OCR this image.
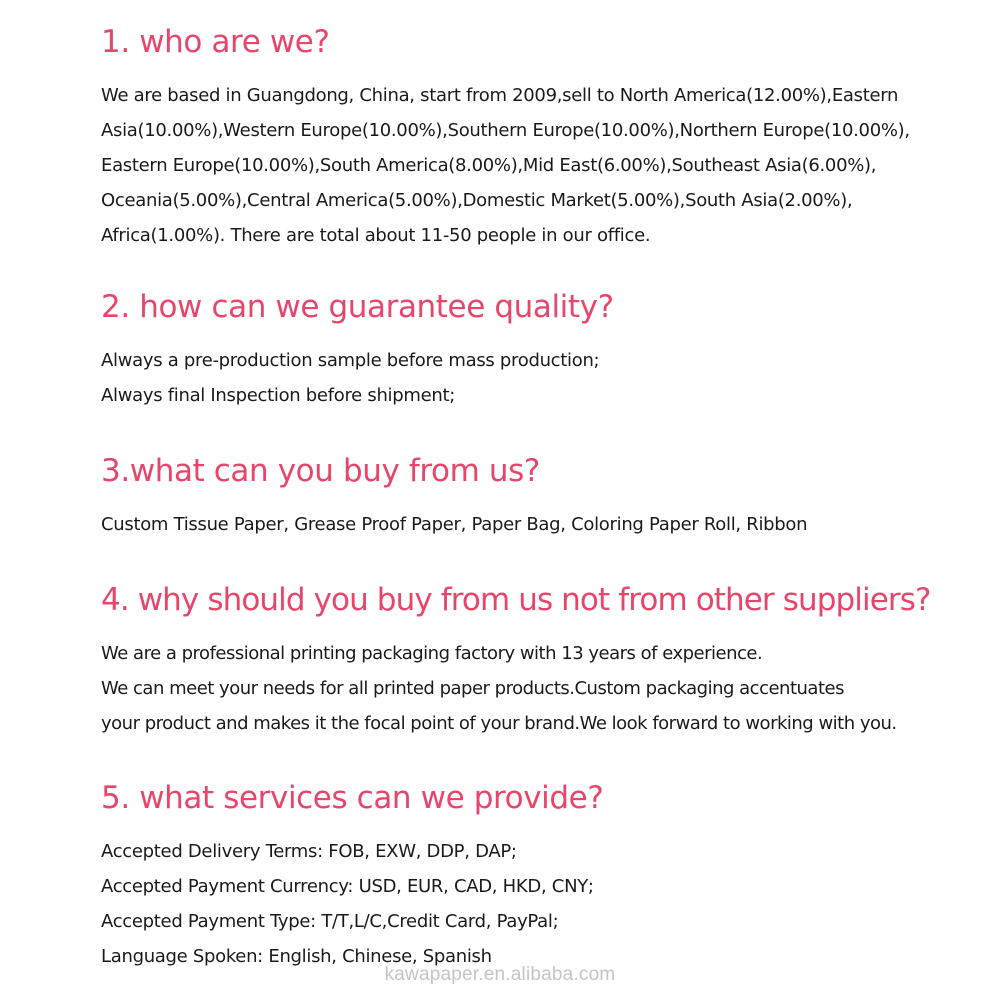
1. who are we?
We are based in Guangdong, China, start from 2009,sell to North America(12.00%),Eastern
Asia(10.00%),Western Europe(10.00%),Southern Europe(10.00%),Northern Europe(10.00%),
Eastern Europe(10.00%),South America(8.00%),Mid East(6.00%),Southeast Asia(6.00%),
Oceania(5.00%),Central America(5.00%),Domestic Market(5.00%),South Asia(2.00%),
Africa(1.00%). There are total about 11-50 people in our office.
2. how can we guarantee quality?
Always a pre-production sample before mass production;
Always final Inspection before shipment;
3.what can you buy from us?
Custom Tissue Paper, Grease Proof Paper, Paper Bag, Coloring Paper Roll, Ribbon
4. why should you buy from us not from other suppliers?
We are a professional printing packaging factory with 13 years of experience.
We can meet your needs for all printed paper products.Custom packaging accentuates
your product and makes it the focal point of your brand.We look forward to working with you.
5. what services can we provide?
Accepted Delivery Terms: FOB, EXW, DDP, DAP;
Accepted Payment Currency: USD, EUR, CAD, HKD, CNY;
Accepted Payment Type: T/T,L/C,Credit Card, PayPal;
Language Spoken: English, Chinese, Spanish
kawapaper.en.alibaba.com
